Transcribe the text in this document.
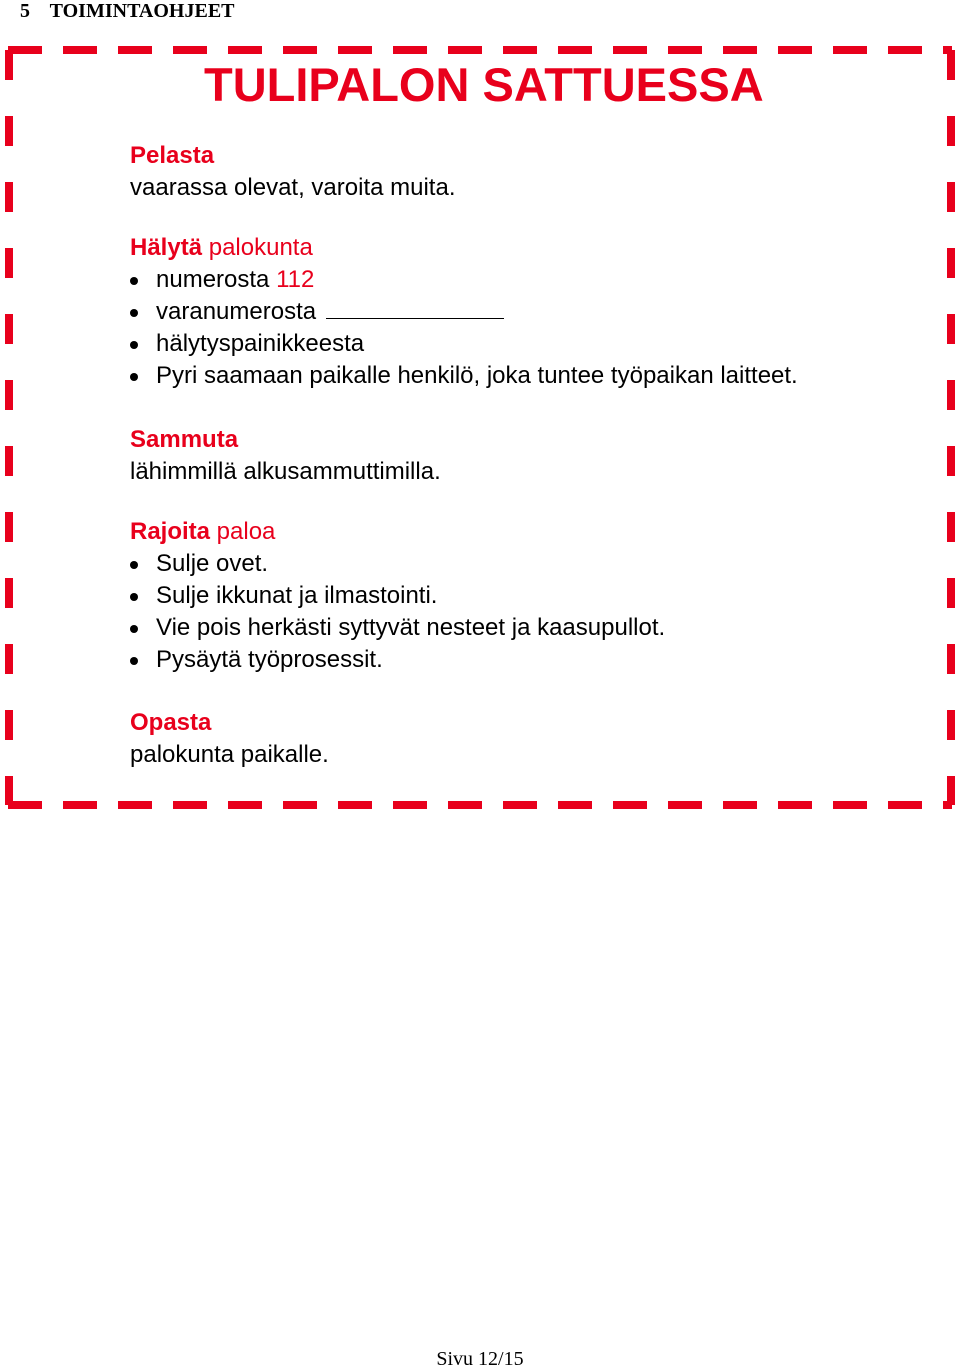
5 TOIMINTAOHJEET
TULIPALON SATTUESSA
Pelasta
vaarassa olevat, varoita muita.
Hälytä palokunta
numerosta 112
varanumerosta
hälytyspainikkeesta
Pyri saamaan paikalle henkilö, joka tuntee työpaikan laitteet.
Sammuta
lähimmillä alkusammuttimilla.
Rajoita paloa
Sulje ovet.
Sulje ikkunat ja ilmastointi.
Vie pois herkästi syttyvät nesteet ja kaasupullot.
Pysäytä työprosessit.
Opasta
palokunta paikalle.
Sivu 12/15
